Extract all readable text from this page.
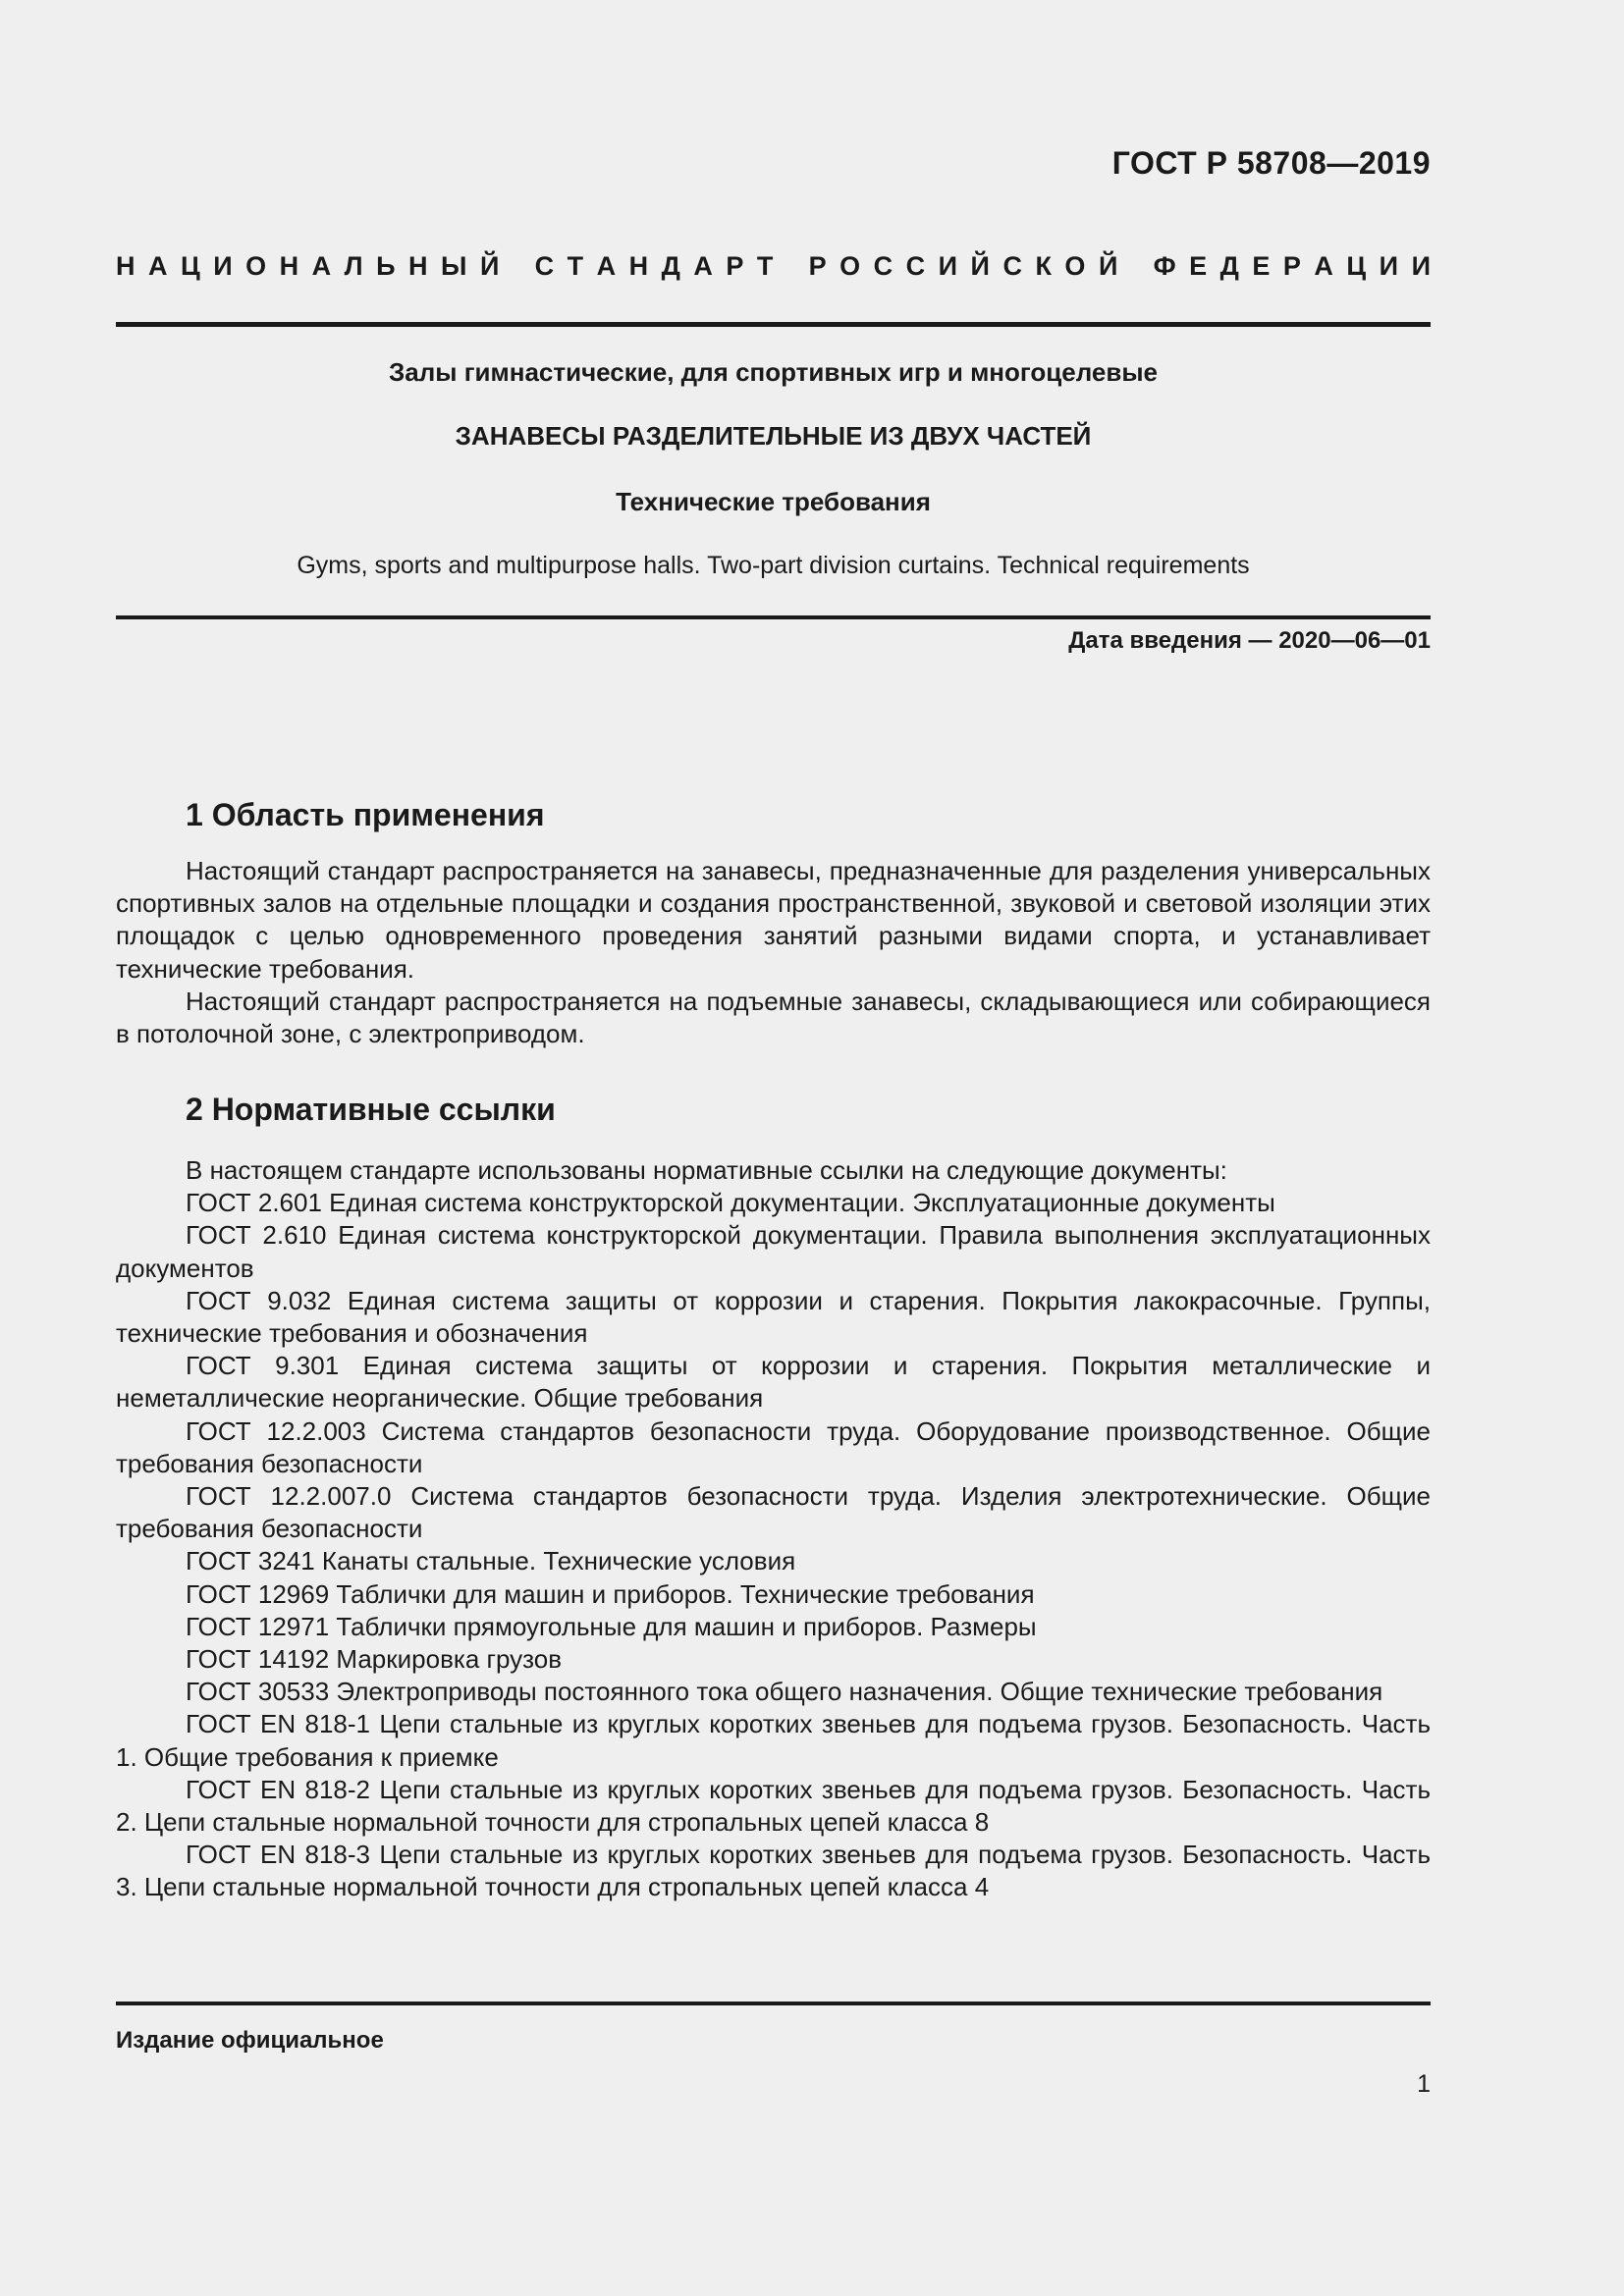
ГОСТ Р 58708—2019
Н А Ц И О Н А Л Ь Н Ы Й С Т А Н Д А Р Т Р О С С И Й С К О Й Ф Е Д Е Р А Ц И И
Залы гимнастические, для спортивных игр и многоцелевые
ЗАНАВЕСЫ РАЗДЕЛИТЕЛЬНЫЕ ИЗ ДВУХ ЧАСТЕЙ
Технические требования
Gyms, sports and multipurpose halls. Two-part division curtains. Technical requirements
Дата введения — 2020—06—01
1 Область применения

Настоящий стандарт распространяется на занавесы, предназначенные для разделения универсальных спортивных залов на отдельные площадки и создания пространственной, звуковой и световой изоляции этих площадок с целью одновременного проведения занятий разными видами спорта, и устанавливает технические требования.

Настоящий стандарт распространяется на подъемные занавесы, складывающиеся или собирающиеся в потолочной зоне, с электроприводом.

2 Нормативные ссылки

В настоящем стандарте использованы нормативные ссылки на следующие документы:

ГОСТ 2.601 Единая система конструкторской документации. Эксплуатационные документы

ГОСТ 2.610 Единая система конструкторской документации. Правила выполнения эксплуатационных документов

ГОСТ 9.032 Единая система защиты от коррозии и старения. Покрытия лакокрасочные. Группы, технические требования и обозначения

ГОСТ 9.301 Единая система защиты от коррозии и старения. Покрытия металлические и неметаллические неорганические. Общие требования

ГОСТ 12.2.003 Система стандартов безопасности труда. Оборудование производственное. Общие требования безопасности

ГОСТ 12.2.007.0 Система стандартов безопасности труда. Изделия электротехнические. Общие требования безопасности

ГОСТ 3241 Канаты стальные. Технические условия

ГОСТ 12969 Таблички для машин и приборов. Технические требования

ГОСТ 12971 Таблички прямоугольные для машин и приборов. Размеры

ГОСТ 14192 Маркировка грузов

ГОСТ 30533 Электроприводы постоянного тока общего назначения. Общие технические требования

ГОСТ EN 818-1 Цепи стальные из круглых коротких звеньев для подъема грузов. Безопасность. Часть 1. Общие требования к приемке

ГОСТ EN 818-2 Цепи стальные из круглых коротких звеньев для подъема грузов. Безопасность. Часть 2. Цепи стальные нормальной точности для стропальных цепей класса 8

ГОСТ EN 818-3 Цепи стальные из круглых коротких звеньев для подъема грузов. Безопасность. Часть 3. Цепи стальные нормальной точности для стропальных цепей класса 4

Издание официальное
1
